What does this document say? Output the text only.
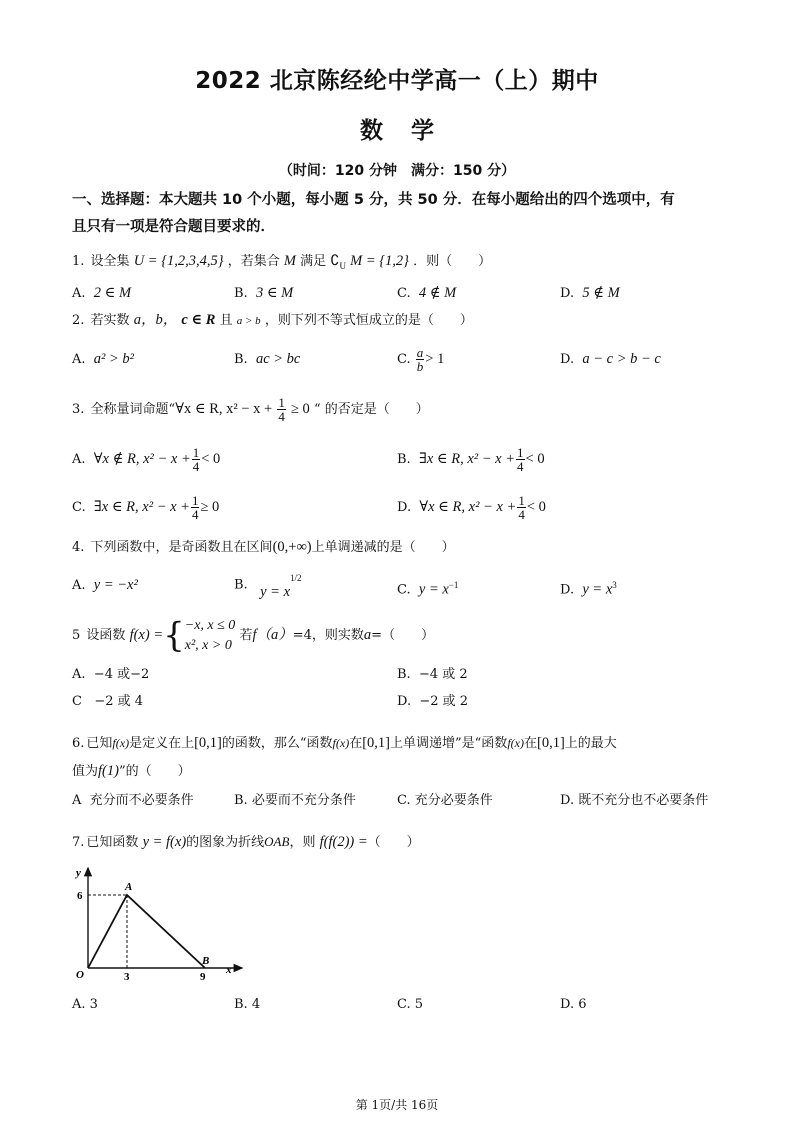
2022 北京陈经纶中学高一（上）期中
数学
（时间：120 分钟　满分：150 分）
一、选择题：本大题共 10 个小题，每小题 5 分，共 50 分．在每小题给出的四个选项中，有
且只有一项是符合题目要求的．
1. 设全集 U = {1,2,3,4,5} ，若集合 M 满足 $∁_U$ M = {1,2} ．则（　　）
A. 2 ∈ M	B. 3 ∈ M	C. 4 ∉ M	D. 5 ∉ M
2. 若实数 a，b， c ∈ R 且 a > b ，则下列不等式恒成立的是（　　）
A. a² > b²	B. ac > bc	C. $\frac{a}{b} > 1$	D. a − c > b − c
3. 全称量词命题“∀x ∈ R, $x^2 - x + \frac{1}{4} \ge 0$ “ 的否定是（　　）
A. ∀x ∉ R, $x^2 - x + \frac{1}{4} < 0$	B. ∃x ∈ R, $x^2 - x + \frac{1}{4} < 0$
C. ∃x ∈ R, $x^2 - x + \frac{1}{4} \ge 0$	D. ∀x ∈ R, $x^2 - x + \frac{1}{4} < 0$
4. 下列函数中，是奇函数且在区间(0,+∞)上单调递减的是（　　）
A. y = −x²	B. $y = x^{1/2}$
C. $y = x^{-1}$	D. $y = x^3$
5 设函数 f(x) ={ −x, x ≤ 0
x², x > 0
若f（a）=4，则实数a=（　　）
A. −4 或−2	B. −4 或 2
C −2 或 4	D. −2 或 2
6. 已知f(x)是定义在上[0,1]的函数，那么“函数f(x)在[0,1]上单调递增”是“函数f(x)在[0,1]上的最大
值为f(1)”的（　　）
A 充分而不必要条件	B. 必要而不充分条件	C. 充分必要条件	D. 既不充分也不必要条件
7. 已知函数 y = f(x)的图象为折线OAB，则 f(f(2)) =（　　）
y
x
O
A
B
6
3	9
A. 3	B. 4	C. 5	D. 6
第 1页/共 16页
